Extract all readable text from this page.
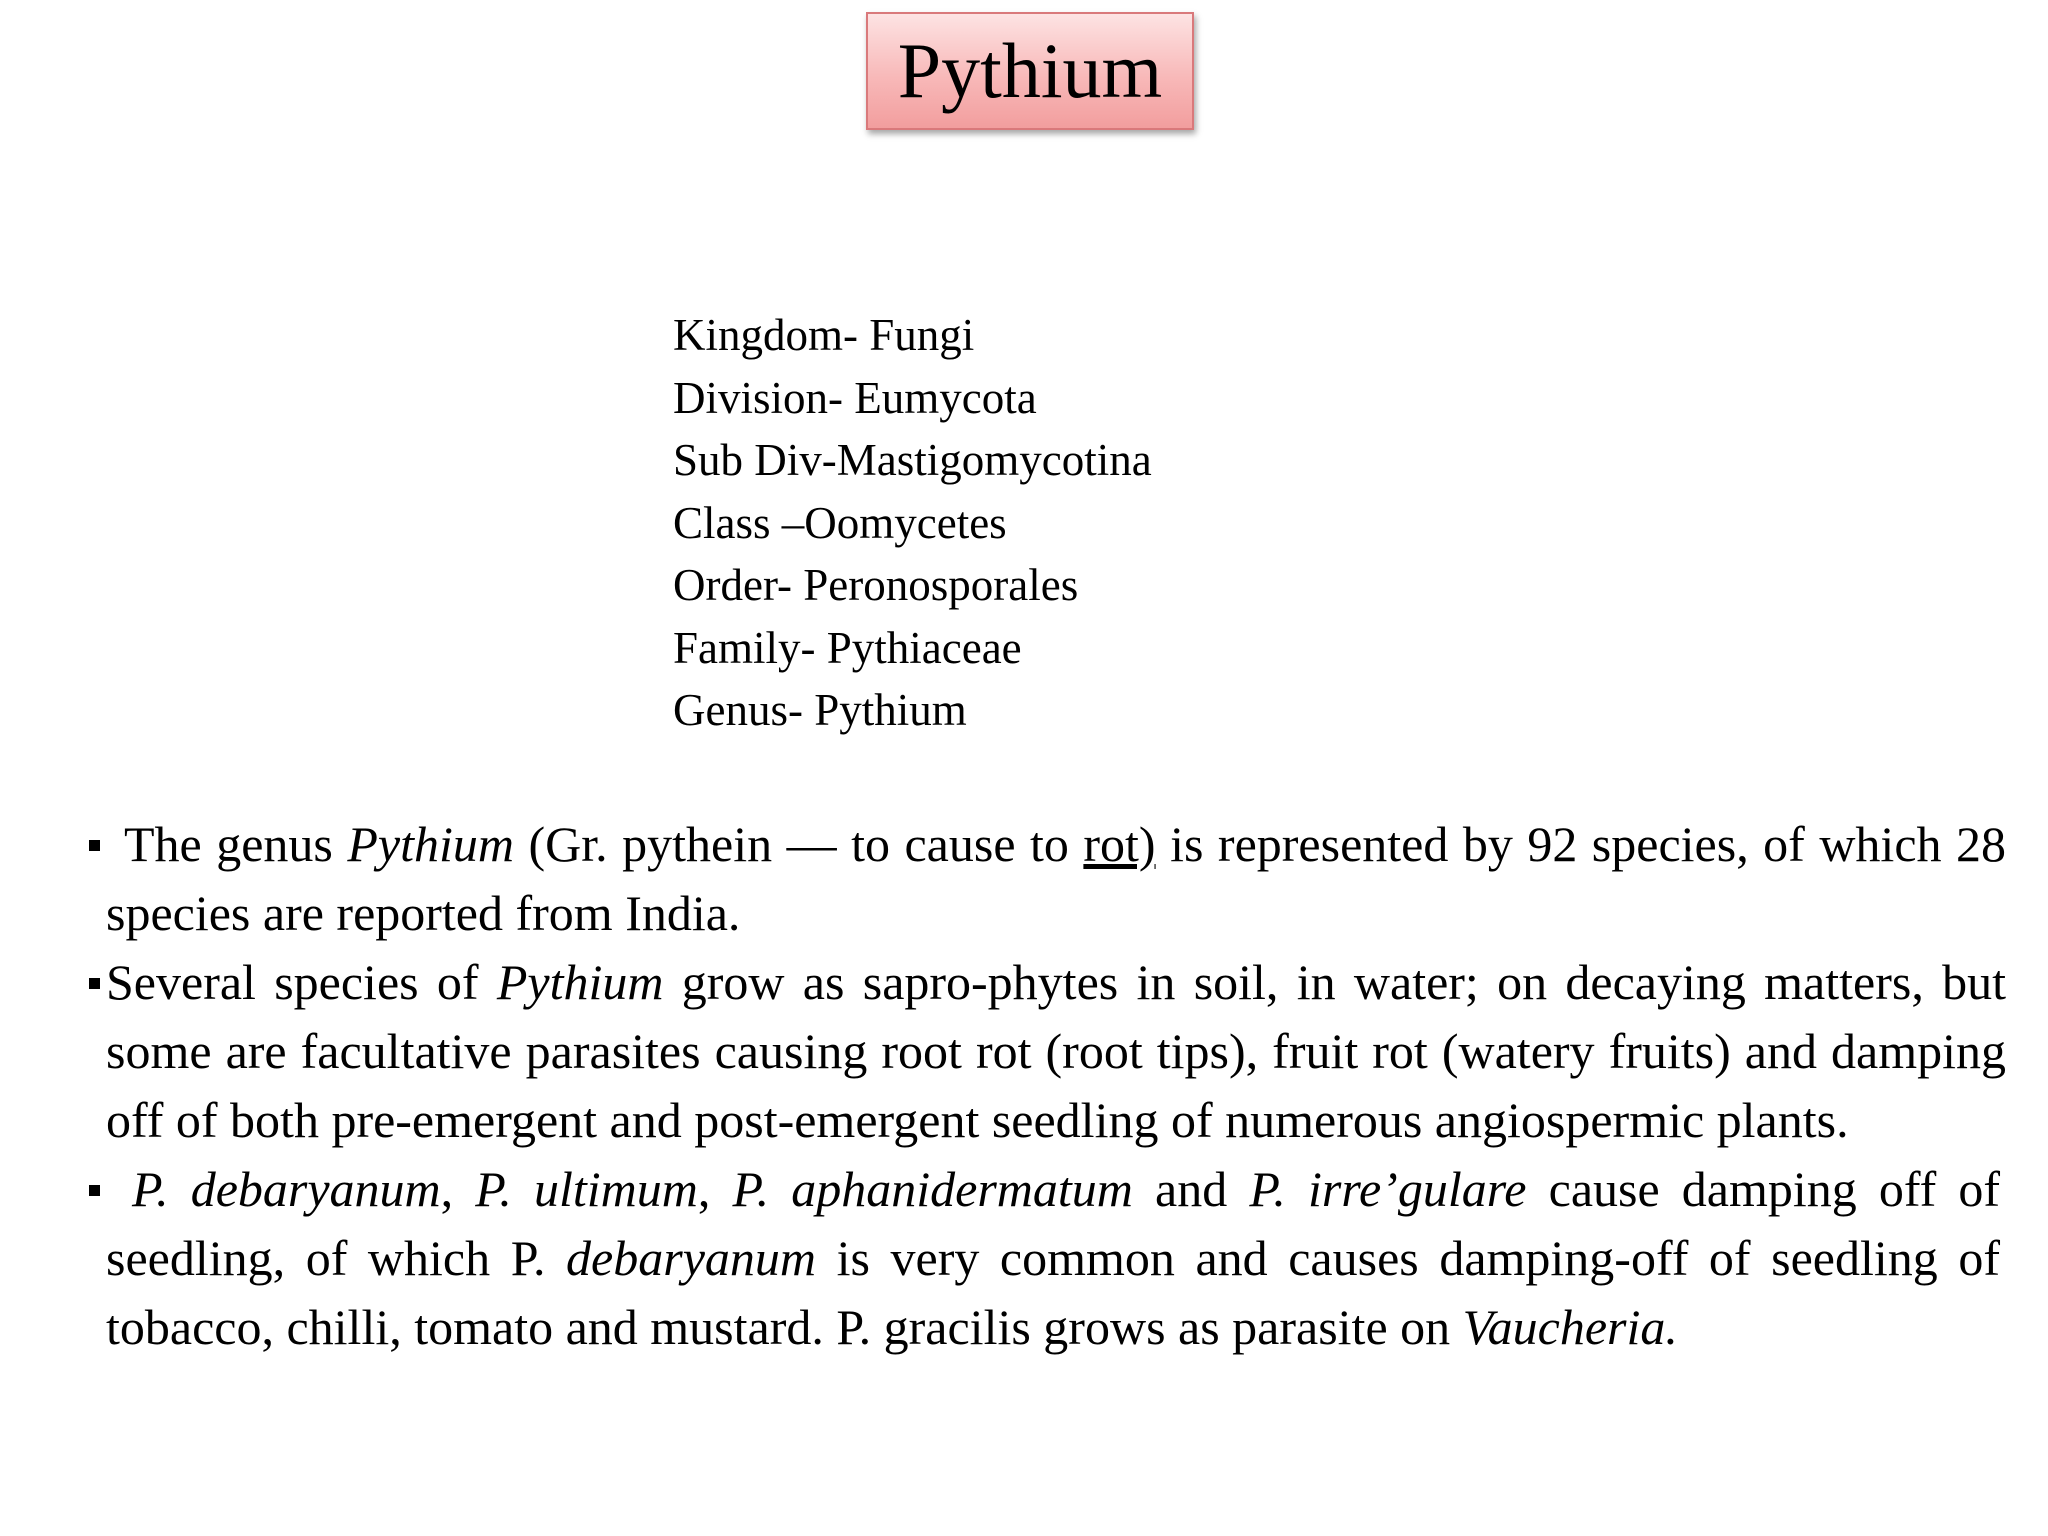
Pythium
Kingdom- Fungi
Division- Eumycota
Sub Div-Mastigomycotina
Class –Oomycetes
Order- Peronosporales
Family- Pythiaceae
Genus- Pythium
The genus Pythium (Gr. pythein — to cause to rot) is represented by 92 species, of which 28 species are reported from India.
Several species of Pythium grow as sapro-phytes in soil, in water; on decaying matters, but some are facultative parasites causing root rot (root tips), fruit rot (watery fruits) and damping off of both pre-emergent and post-emergent seedling of numerous angiospermic plants.
P. debaryanum, P. ultimum, P. aphanidermatum and P. irre’gulare cause damping off of seedling, of which P. debaryanum is very common and causes damping-off of seedling of tobacco, chilli, tomato and mustard. P. gracilis grows as parasite on Vaucheria.
